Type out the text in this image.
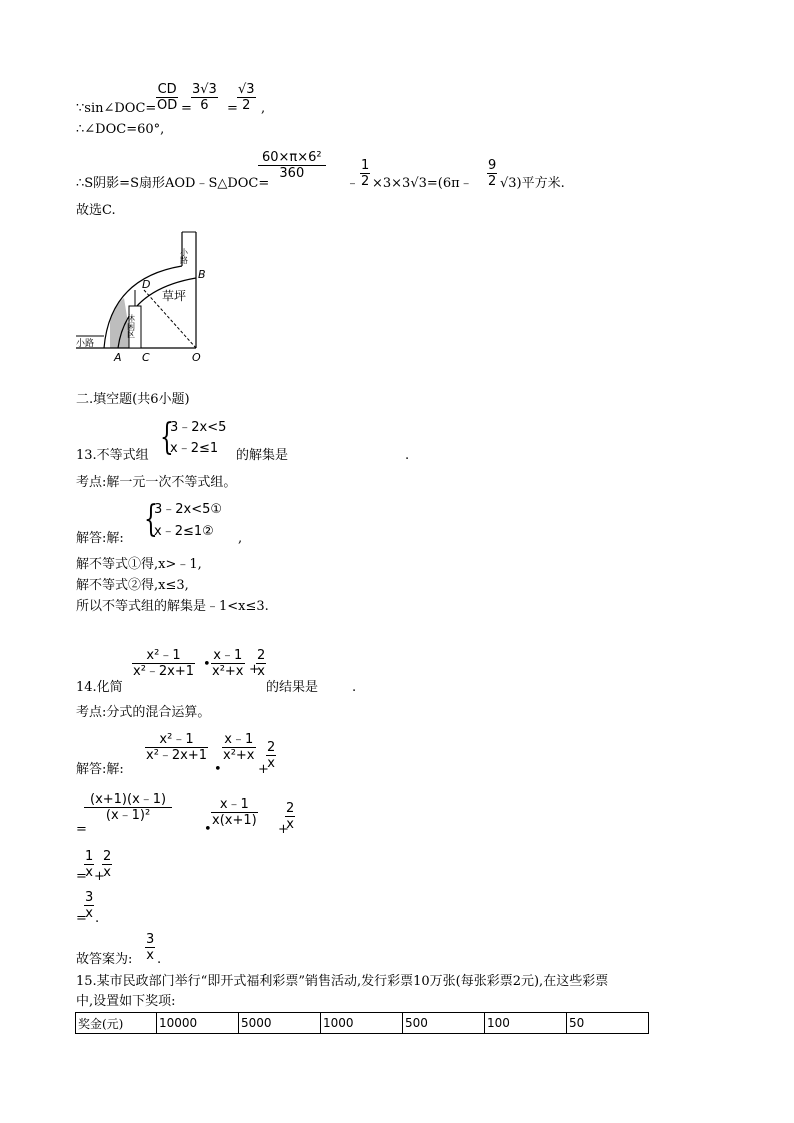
∵sin∠DOC= $\frac{CD}{OD} = \frac{3√3}{6} = \frac{√3}{2}$ ,
∴∠DOC=60°,
∴S阴影=S扇形AOD﹣S△DOC=
$\frac{\text{60×π×6²}}{360}$
﹣ $\frac{1}{2}$ ×3×3√3=(6π﹣ $\frac{9}{2} √3$)平方米.
故选C.
小路
小路
草坪
休闲区
A
B
C
D
O
二.填空题(共6小题)
13.不等式组 {
3﹣2x<5
x﹣2≤1 的解集是	.
考点:解一元一次不等式组。
解答:解: {
3﹣2x<5①
x﹣2≤1② ,
解不等式①得,x>﹣1,
解不等式②得,x≤3,
所以不等式组的解集是﹣1<x≤3.
14.化简
$\frac{\text{x²﹣1}}{\text{x²﹣2x+1}}$ • $\frac{x﹣1}{\text{x²+x}}$ +
$\frac{2}{x}$
的结果是	.
考点:分式的混合运算。
解答:解:
$\frac{\text{x²﹣1}}{\text{x²﹣2x+1}}$
•
$\frac{x﹣1}{\text{x²+x}}$
+
$\frac{2}{x}$
=
$\frac{(x+1)(x﹣1)}{\text{(x﹣1)²}}$
•
$\frac{x﹣1}{x(x+1)}$
+
$\frac{2}{x}$
=
$\frac{1}{x}$ +
$\frac{2}{x}$
=
$\frac{3}{x}$ .
故答案为: $\frac{3}{x}$ .
15.某市民政部门举行“即开式福利彩票”销售活动,发行彩票10万张(每张彩票2元),在这些彩票
中,设置如下奖项:
奖金(元)	10000	5000	1000	500	100	50
